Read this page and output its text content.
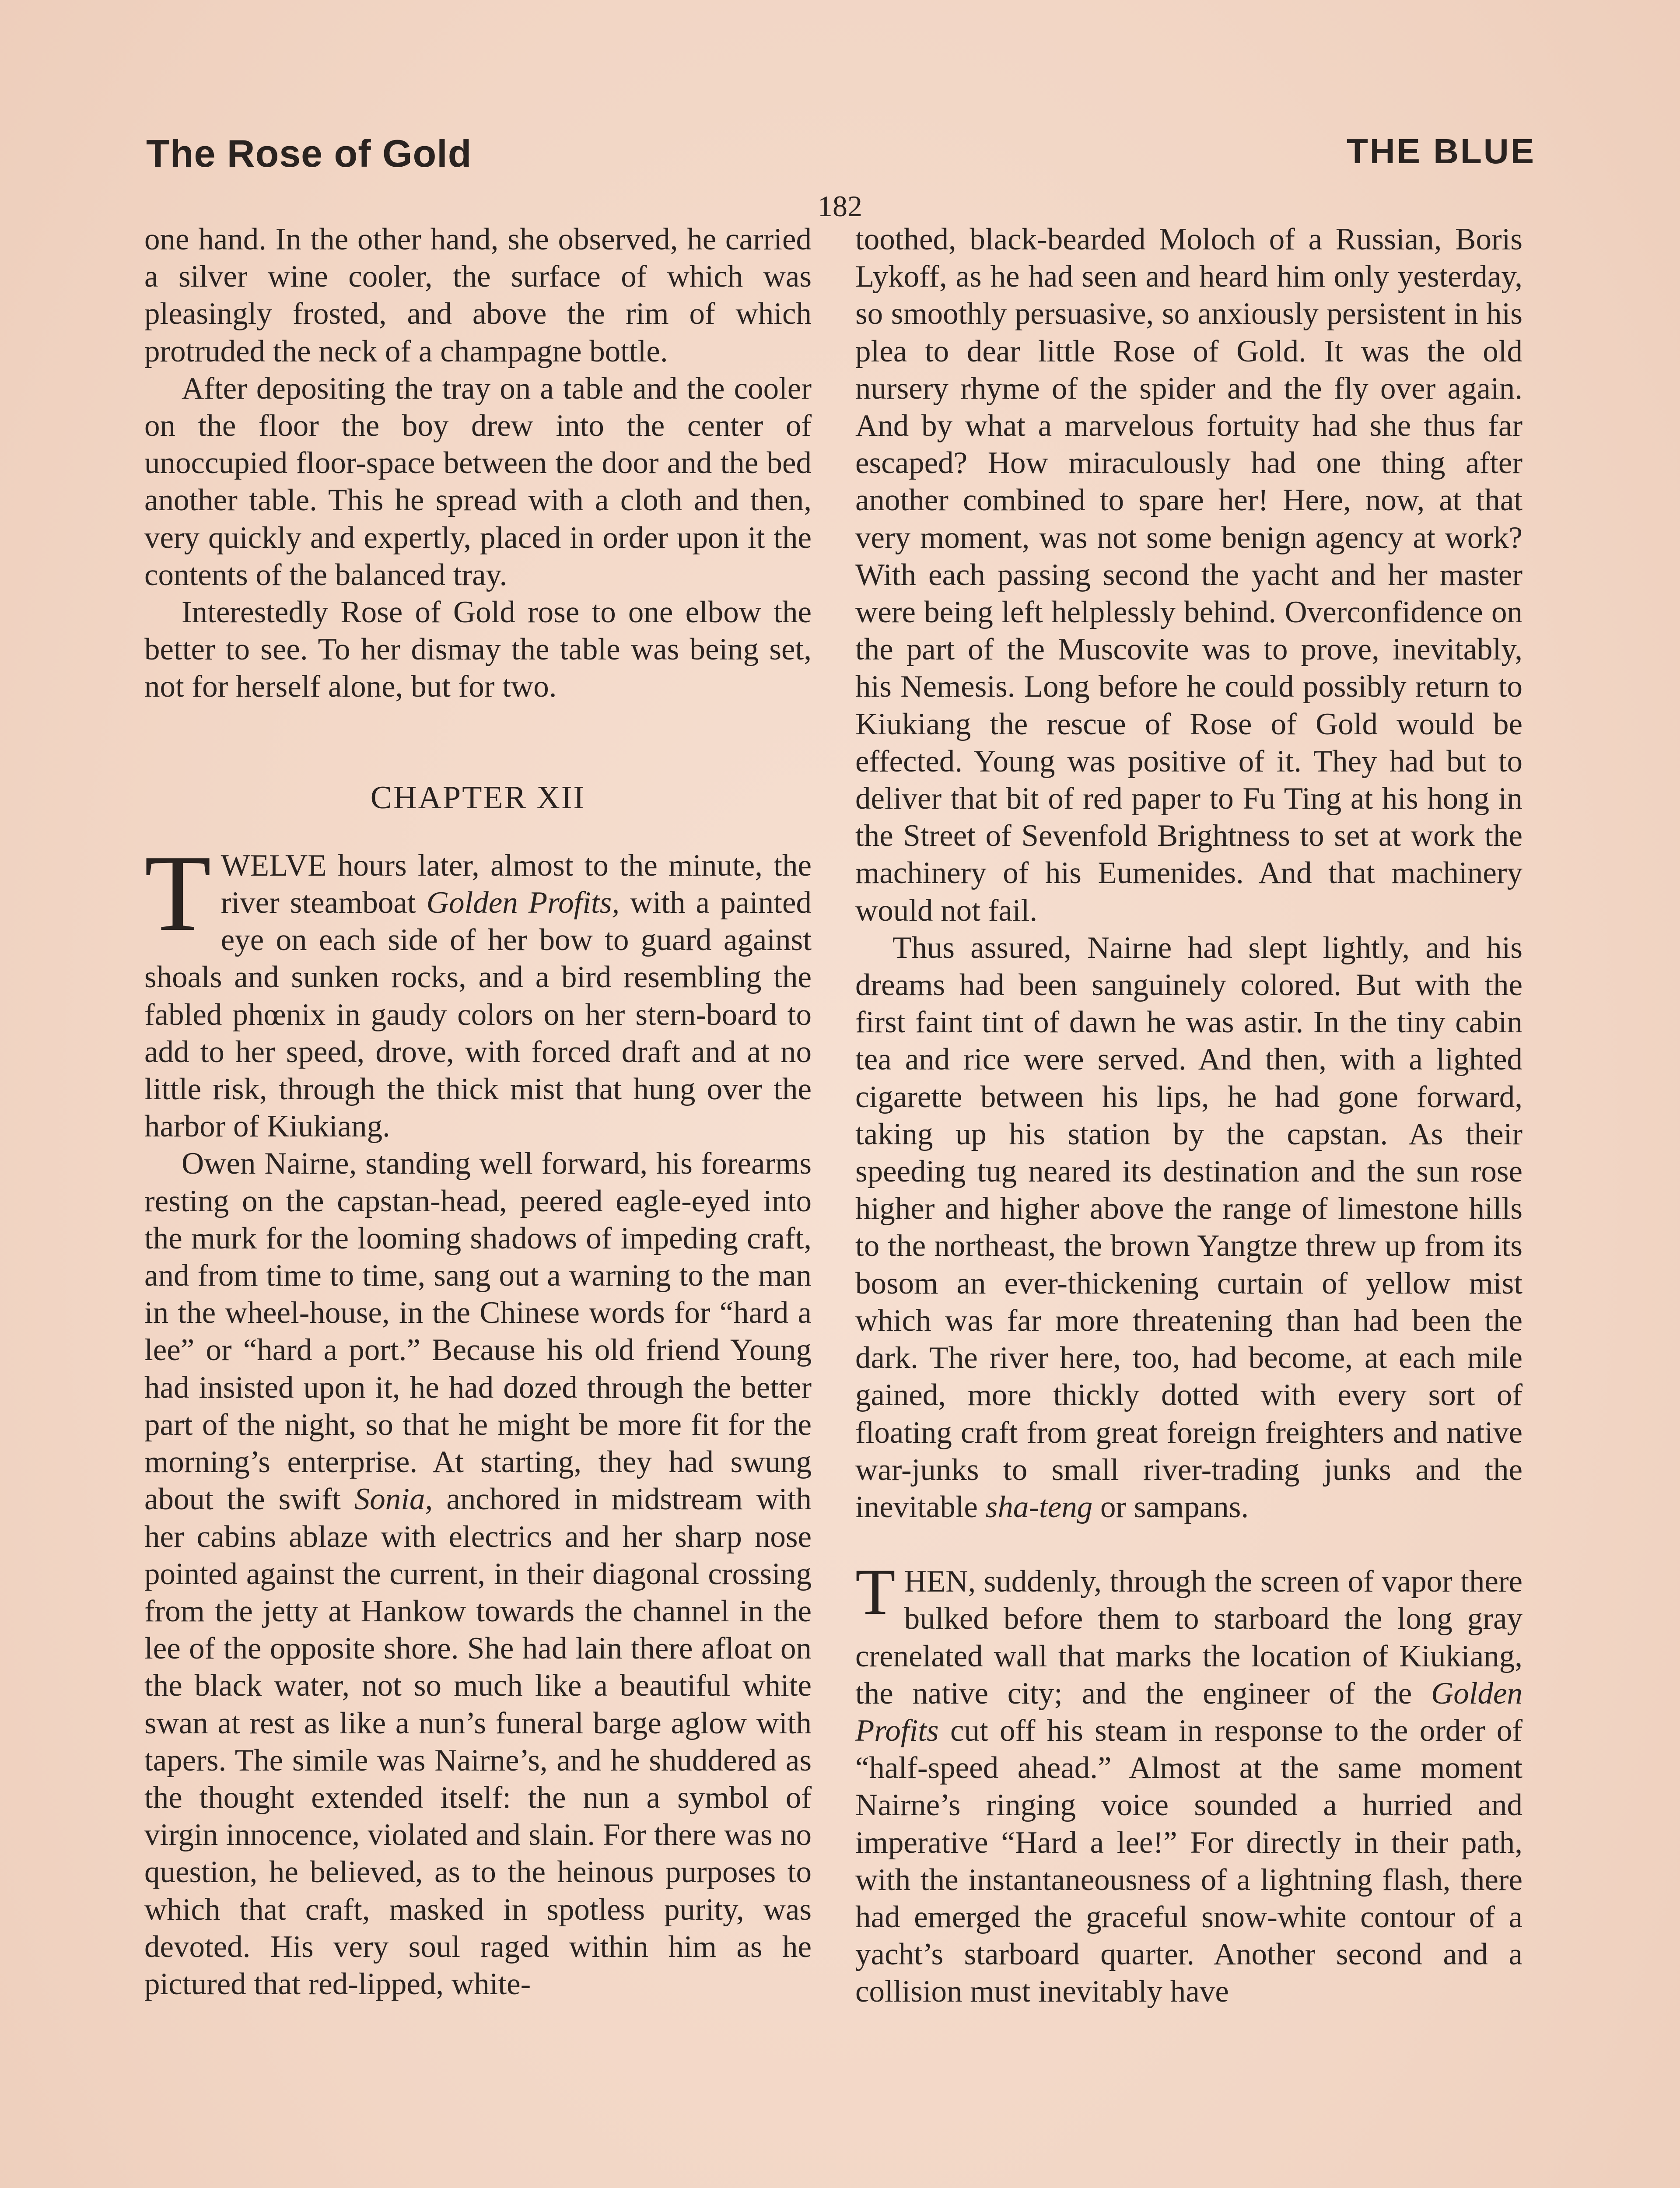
The Rose of Gold	THE BLUE
182

one hand. In the other hand, she observed, he carried a silver wine cooler, the surface of which was pleasingly frosted, and above the rim of which protruded the neck of a champagne bottle.

After depositing the tray on a table and the cooler on the floor the boy drew into the center of unoccupied floor-space between the door and the bed another table. This he spread with a cloth and then, very quickly and expertly, placed in order upon it the contents of the balanced tray.

Interestedly Rose of Gold rose to one elbow the better to see. To her dismay the table was being set, not for herself alone, but for two.

CHAPTER XII

TWELVE hours later, almost to the minute, the river steamboat Golden Profits, with a painted eye on each side of her bow to guard against shoals and sunken rocks, and a bird resembling the fabled phœnix in gaudy colors on her stern-board to add to her speed, drove, with forced draft and at no little risk, through the thick mist that hung over the harbor of Kiukiang.

Owen Nairne, standing well forward, his forearms resting on the capstan-head, peered eagle-eyed into the murk for the looming shadows of impeding craft, and from time to time, sang out a warning to the man in the wheel-house, in the Chinese words for “hard a lee” or “hard a port.” Because his old friend Young had insisted upon it, he had dozed through the better part of the night, so that he might be more fit for the morning’s enterprise. At starting, they had swung about the swift Sonia, anchored in midstream with her cabins ablaze with electrics and her sharp nose pointed against the current, in their diagonal crossing from the jetty at Hankow towards the channel in the lee of the opposite shore. She had lain there afloat on the black water, not so much like a beautiful white swan at rest as like a nun’s funeral barge aglow with tapers. The simile was Nairne’s, and he shuddered as the thought extended itself: the nun a symbol of virgin innocence, violated and slain. For there was no question, he believed, as to the heinous purposes to which that craft, masked in spotless purity, was devoted. His very soul raged within him as he pictured that red-lipped, white-

toothed, black-bearded Moloch of a Russian, Boris Lykoff, as he had seen and heard him only yesterday, so smoothly persuasive, so anxiously persistent in his plea to dear little Rose of Gold. It was the old nursery rhyme of the spider and the fly over again. And by what a marvelous fortuity had she thus far escaped? How miraculously had one thing after another combined to spare her! Here, now, at that very moment, was not some benign agency at work? With each passing second the yacht and her master were being left helplessly behind. Overconfidence on the part of the Muscovite was to prove, inevitably, his Nemesis. Long before he could possibly return to Kiukiang the rescue of Rose of Gold would be effected. Young was positive of it. They had but to deliver that bit of red paper to Fu Ting at his hong in the Street of Sevenfold Brightness to set at work the machinery of his Eumenides. And that machinery would not fail.

Thus assured, Nairne had slept lightly, and his dreams had been sanguinely colored. But with the first faint tint of dawn he was astir. In the tiny cabin tea and rice were served. And then, with a lighted cigarette between his lips, he had gone forward, taking up his station by the capstan. As their speeding tug neared its destination and the sun rose higher and higher above the range of limestone hills to the northeast, the brown Yangtze threw up from its bosom an ever-thickening curtain of yellow mist which was far more threatening than had been the dark. The river here, too, had become, at each mile gained, more thickly dotted with every sort of floating craft from great foreign freighters and native war-junks to small river-trading junks and the inevitable sha-teng or sampans.

THEN, suddenly, through the screen of vapor there bulked before them to starboard the long gray crenelated wall that marks the location of Kiukiang, the native city; and the engineer of the Golden Profits cut off his steam in response to the order of “half-speed ahead.” Almost at the same moment Nairne’s ringing voice sounded a hurried and imperative “Hard a lee!” For directly in their path, with the instantaneousness of a lightning flash, there had emerged the graceful snow-white contour of a yacht’s starboard quarter. Another second and a collision must inevitably have
